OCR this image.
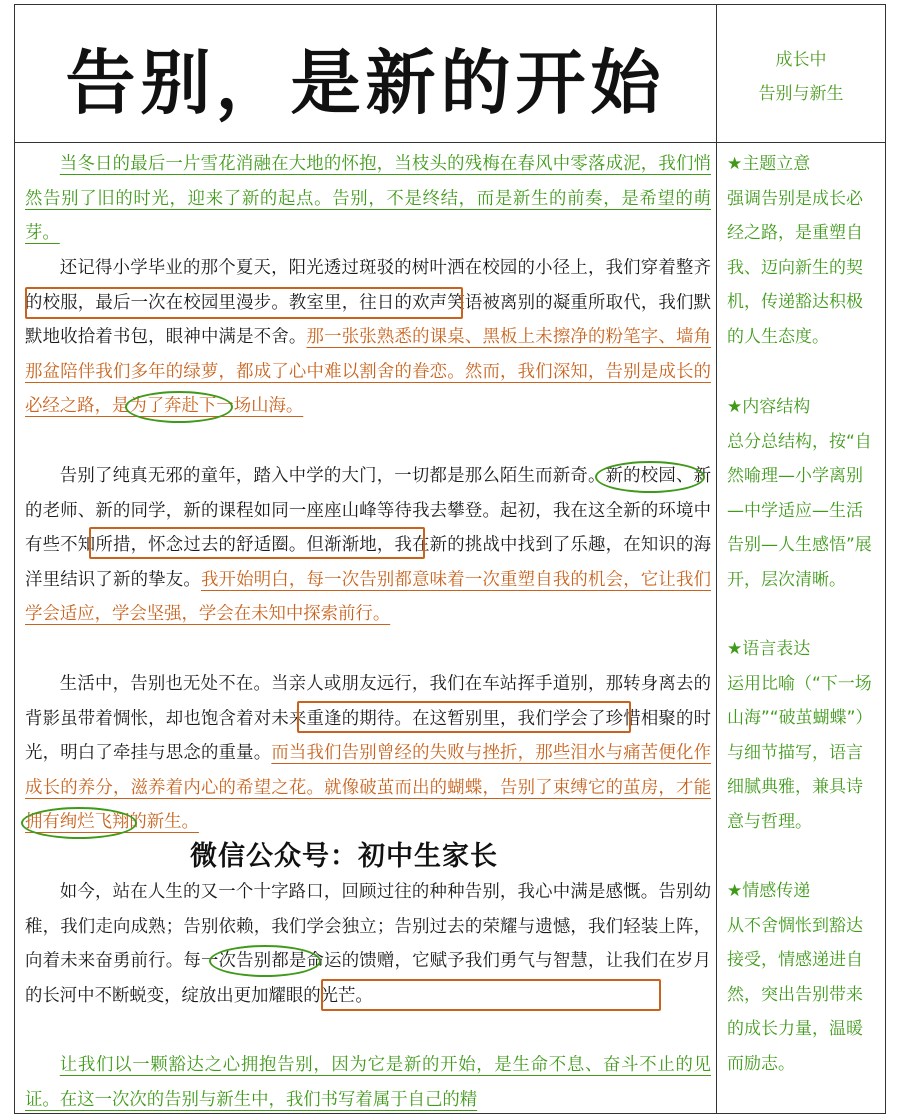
告别，是新的开始	成长中
告别与新生

当冬日的最后一片雪花消融在大地的怀抱，当枝头的残梅在春风中零落成泥，我们悄然告别了旧的时光，迎来了新的起点。告别，不是终结，而是新生的前奏，是希望的萌芽。

还记得小学毕业的那个夏天，阳光透过斑驳的树叶洒在校园的小径上，我们穿着整齐的校服，最后一次在校园里漫步。教室里，往日的欢声笑语被离别的凝重所取代，我们默默地收拾着书包，眼神中满是不舍。那一张张熟悉的课桌、黑板上未擦净的粉笔字、墙角那盆陪伴我们多年的绿萝，都成了心中难以割舍的眷恋。然而，我们深知，告别是成长的必经之路，是为了奔赴下一场山海。

告别了纯真无邪的童年，踏入中学的大门，一切都是那么陌生而新奇。新的校园、新的老师、新的同学，新的课程如同一座座山峰等待我去攀登。起初，我在这全新的环境中有些不知所措，怀念过去的舒适圈。但渐渐地，我在新的挑战中找到了乐趣，在知识的海洋里结识了新的挚友。我开始明白，每一次告别都意味着一次重塑自我的机会，它让我们学会适应，学会坚强，学会在未知中探索前行。

生活中，告别也无处不在。当亲人或朋友远行，我们在车站挥手道别，那转身离去的背影虽带着惆怅，却也饱含着对未来重逢的期待。在这暂别里，我们学会了珍惜相聚的时光，明白了牵挂与思念的重量。而当我们告别曾经的失败与挫折，那些泪水与痛苦便化作成长的养分，滋养着内心的希望之花。就像破茧而出的蝴蝶，告别了束缚它的茧房，才能拥有绚烂飞翔的新生。

如今，站在人生的又一个十字路口，回顾过往的种种告别，我心中满是感慨。告别幼稚，我们走向成熟；告别依赖，我们学会独立；告别过去的荣耀与遗憾，我们轻装上阵，向着未来奋勇前行。每一次告别都是命运的馈赠，它赋予我们勇气与智慧，让我们在岁月的长河中不断蜕变，绽放出更加耀眼的光芒。

让我们以一颗豁达之心拥抱告别，因为它是新的开始，是生命不息、奋斗不止的见证。在这一次次的告别与新生中，我们书写着属于自己的精

★主题立意
强调告别是成长必经之路，是重塑自我、迈向新生的契机，传递豁达积极的人生态度。
★内容结构
总分总结构，按“自然喻理—小学离别—中学适应—生活告别—人生感悟”展开，层次清晰。
★语言表达
运用比喻（“下一场山海”“破茧蝴蝶”）与细节描写，语言细腻典雅，兼具诗意与哲理。
★情感传递
从不舍惆怅到豁达接受，情感递进自然，突出告别带来的成长力量，温暖而励志。
微信公众号：初中生家长
